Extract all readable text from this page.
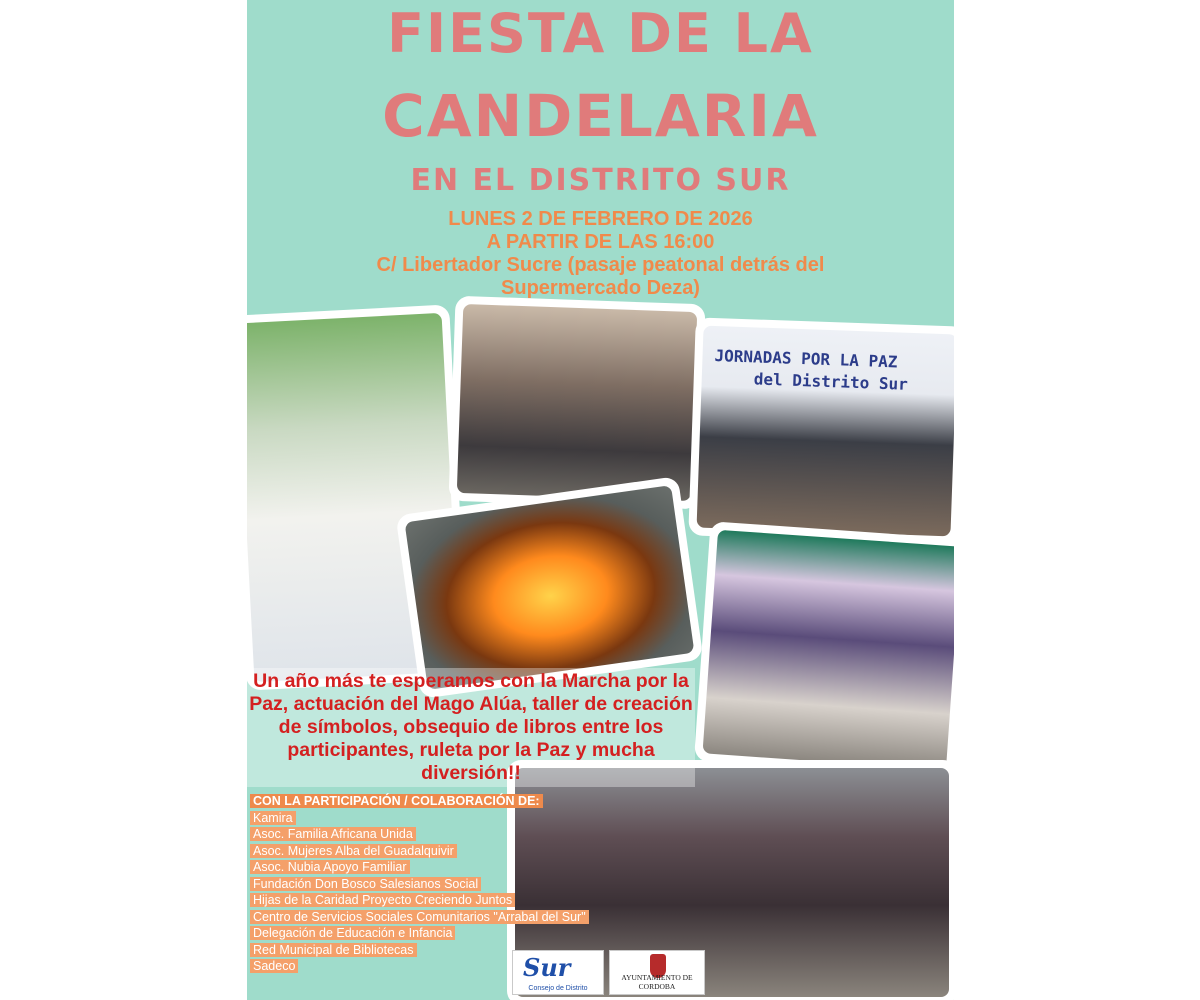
FIESTA DE LA
CANDELARIA
EN EL DISTRITO SUR

LUNES 2 DE FEBRERO DE 2026

A PARTIR DE LAS 16:00

C/ Libertador Sucre (pasaje peatonal detrás del

Supermercado Deza)

JORNADAS POR LA PAZ
del Distrito Sur

Un año más te esperamos con la Marcha por la Paz, actuación del Mago Alúa, taller de creación de símbolos, obsequio de libros entre los participantes, ruleta por la Paz y mucha diversión!!

CON LA PARTICIPACIÓN / COLABORACIÓN DE:
Kamira
Asoc. Familia Africana Unida
Asoc. Mujeres Alba del Guadalquivir
Asoc. Nubia Apoyo Familiar
Fundación Don Bosco Salesianos Social
Hijas de la Caridad Proyecto Creciendo Juntos
Centro de Servicios Sociales Comunitarios "Arrabal del Sur"
Delegación de Educación e Infancia
Red Municipal de Bibliotecas
Sadeco	Sur
Consejo de Distrito
AYUNTAMIENTO DE CORDOBA
